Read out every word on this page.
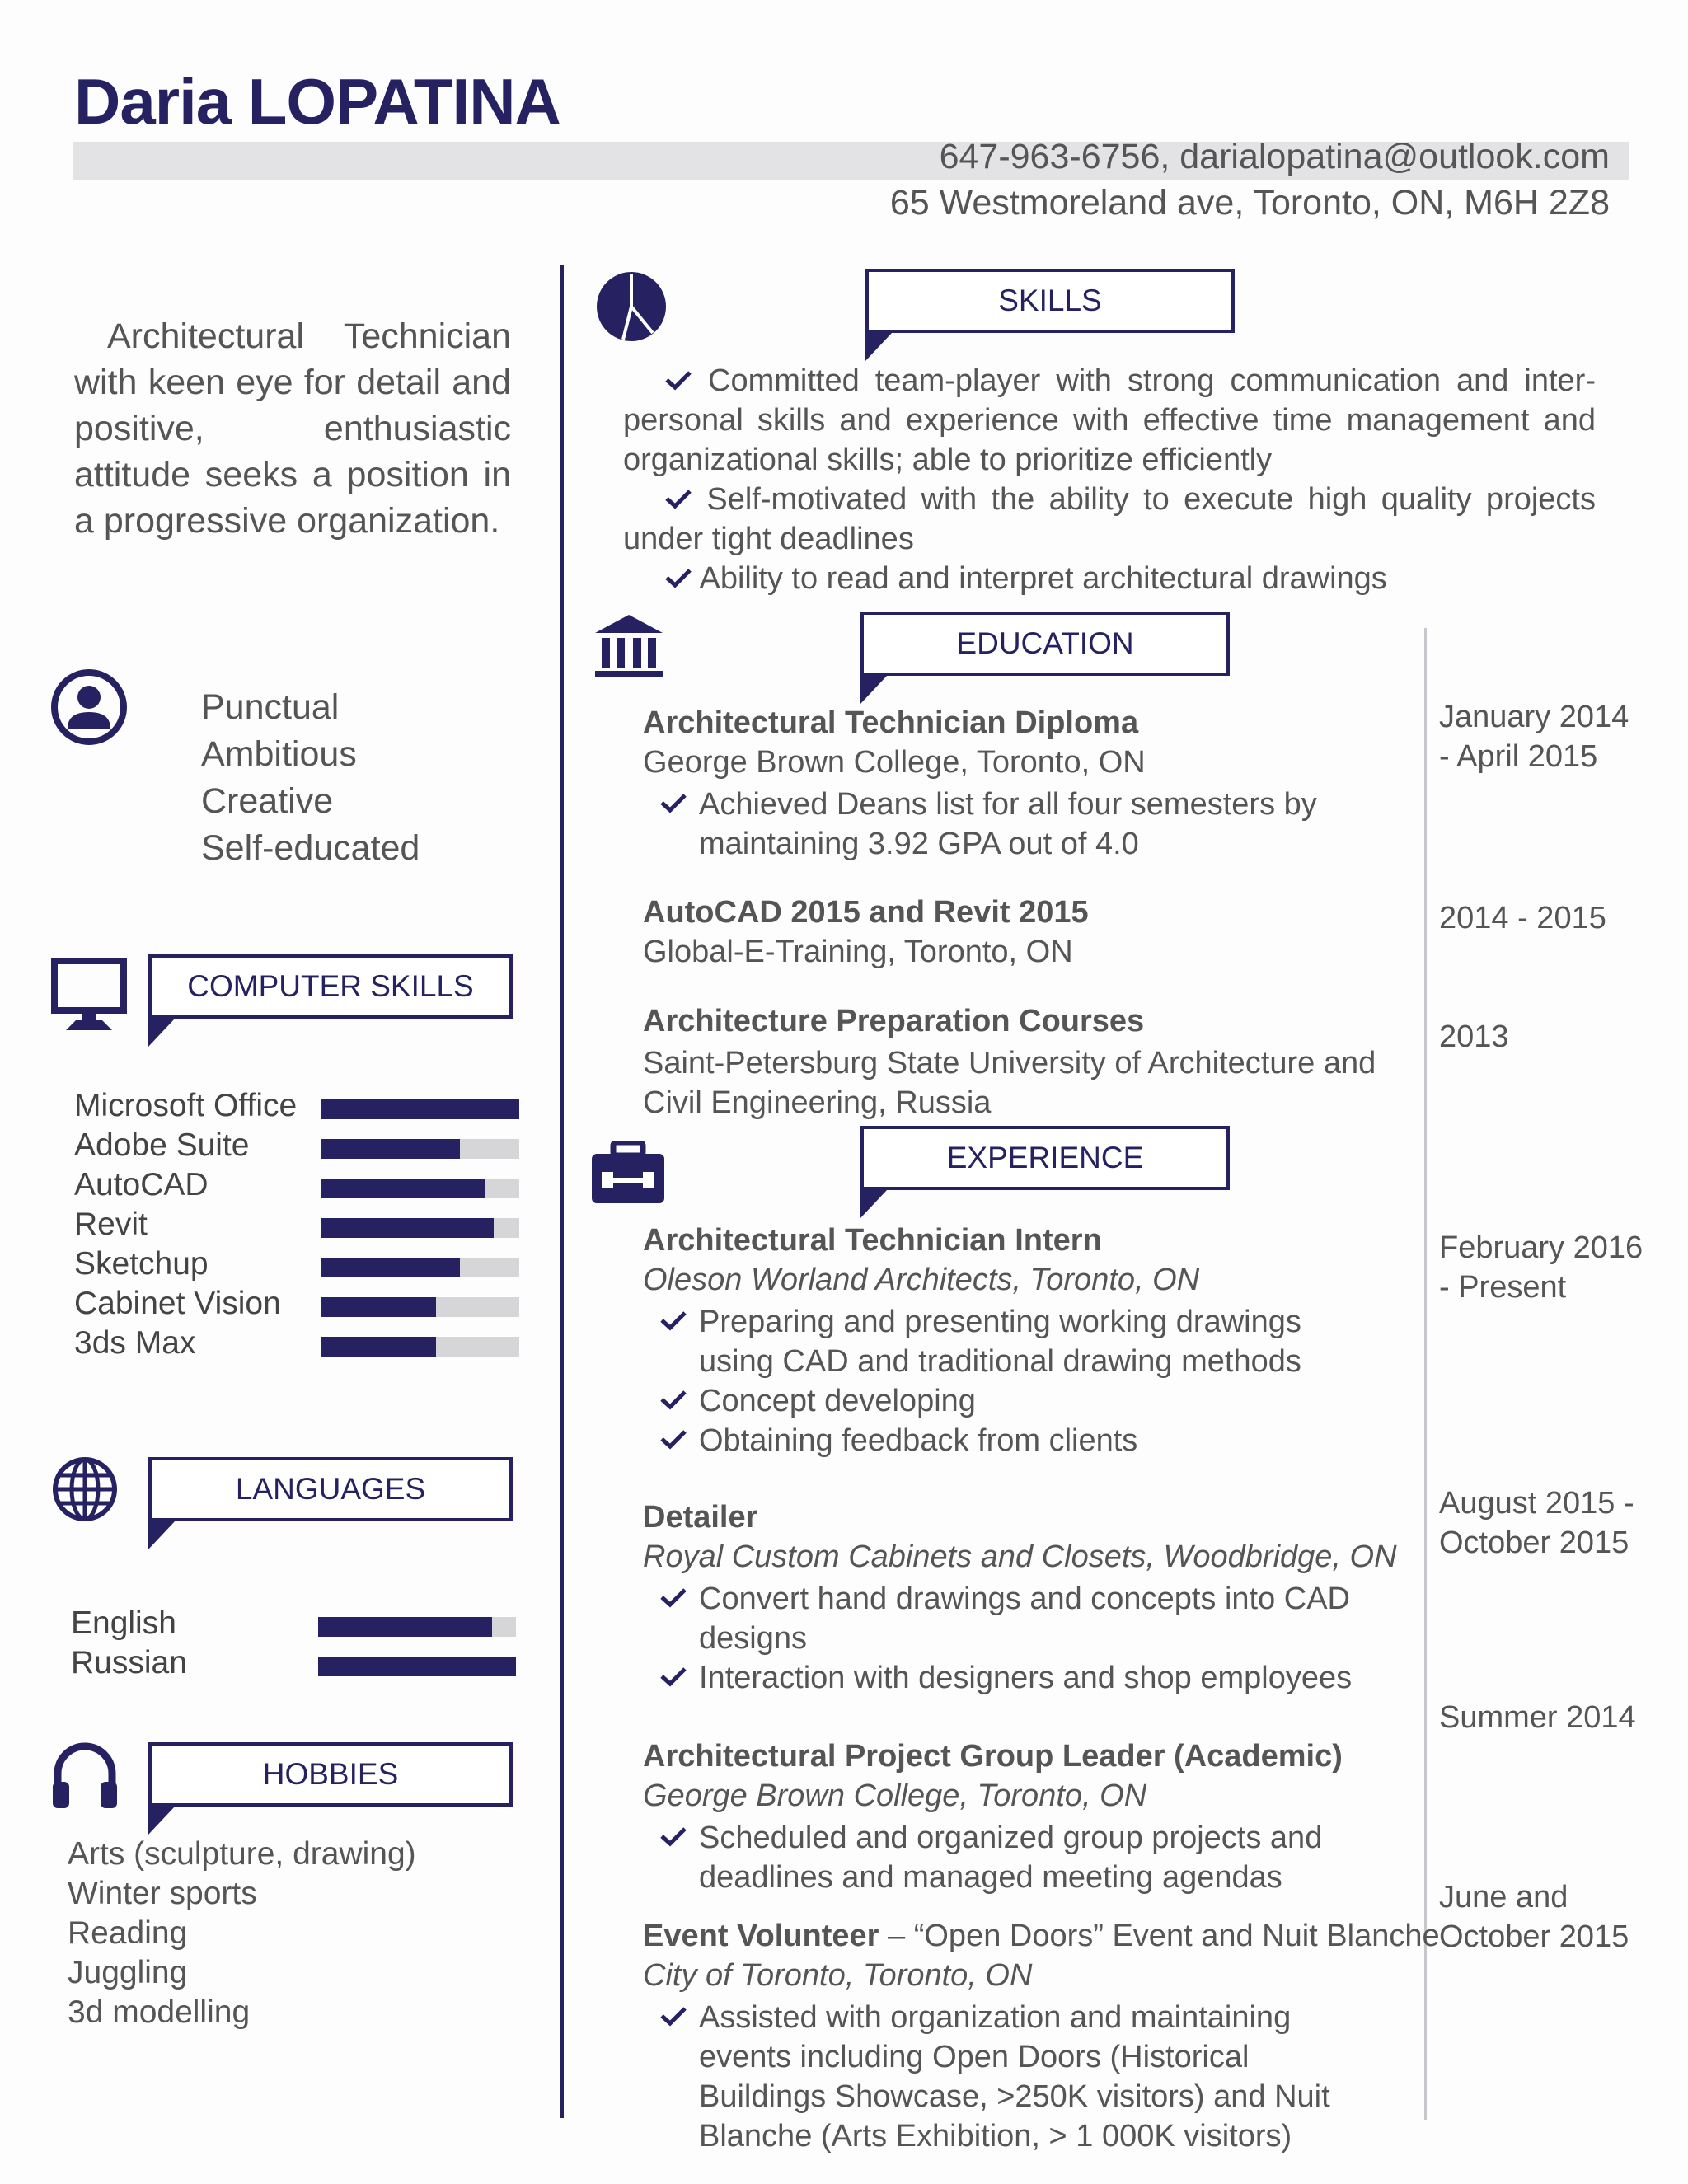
Daria LOPATINA
647-963-6756, darialopatina@outlook.com
65 Westmoreland ave, Toronto, ON, M6H 2Z8
Architectural Technician with keen eye for detail and positive, enthusiastic attitude seeks a position in a progressive organization.
Punctual
Ambitious
Creative
Self-educated
COMPUTER SKILLS
Microsoft Office
Adobe Suite
AutoCAD
Revit
Sketchup
Cabinet Vision
3ds Max
LANGUAGES
English
Russian
HOBBIES
Arts (sculpture, drawing)
Winter sports
Reading
Juggling
3d modelling
SKILLS
Committed team-player with strong communication and inter-personal skills and experience with effective time management and organizational skills; able to prioritize efficiently
Self-motivated with the ability to execute high quality projects under tight deadlines
Ability to read and interpret architectural drawings
EDUCATION
Architectural Technician Diploma
George Brown College, Toronto, ON
Achieved Deans list for all four semesters by maintaining 3.92 GPA out of 4.0
January 2014 - April 2015
AutoCAD 2015 and Revit 2015
Global-E-Training, Toronto, ON
2014 - 2015
Architecture Preparation Courses
Saint-Petersburg State University of Architecture and Civil Engineering, Russia
2013
EXPERIENCE
Architectural Technician Intern
Oleson Worland Architects, Toronto, ON
Preparing and presenting working drawings using CAD and traditional drawing methods
Concept developing
Obtaining feedback from clients
February 2016 - Present
Detailer
Royal Custom Cabinets and Closets, Woodbridge, ON
Convert hand drawings and concepts into CAD designs
Interaction with designers and shop employees
August 2015 - October 2015
Architectural Project Group Leader (Academic)
George Brown College, Toronto, ON
Scheduled and organized group projects and deadlines and managed meeting agendas
Summer 2014
Event Volunteer – “Open Doors” Event and Nuit Blanche
City of Toronto, Toronto, ON
Assisted with organization and maintaining events including Open Doors (Historical Buildings Showcase, >250K visitors) and Nuit Blanche (Arts Exhibition, > 1 000K visitors)
June and October 2015
